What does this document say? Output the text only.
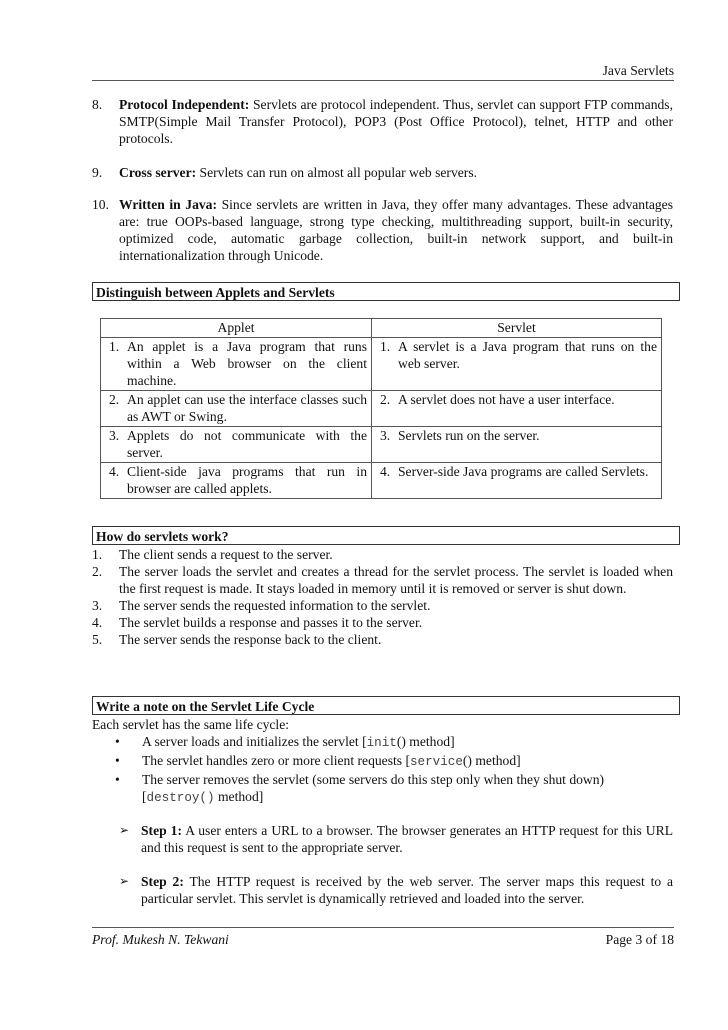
Java Servlets
8. Protocol Independent: Servlets are protocol independent. Thus, servlet can support FTP commands, SMTP(Simple Mail Transfer Protocol), POP3 (Post Office Protocol), telnet, HTTP and other protocols.
9. Cross server: Servlets can run on almost all popular web servers.
10. Written in Java: Since servlets are written in Java, they offer many advantages. These advantages are: true OOPs-based language, strong type checking, multithreading support, built-in security, optimized code, automatic garbage collection, built-in network support, and built-in internationalization through Unicode.
Distinguish between Applets and Servlets
Applet	Servlet

1. An applet is a Java program that runs within a Web browser on the client machine.	1. A servlet is a Java program that runs on the web server.

2. An applet can use the interface classes such as AWT or Swing.	2. A servlet does not have a user interface.

3. Applets do not communicate with the server.	3. Servlets run on the server.

4. Client-side java programs that run in browser are called applets.	4. Server-side Java programs are called Servlets.
How do servlets work?
1. The client sends a request to the server.
2. The server loads the servlet and creates a thread for the servlet process. The servlet is loaded when the first request is made. It stays loaded in memory until it is removed or server is shut down.
3. The server sends the requested information to the servlet.
4. The servlet builds a response and passes it to the server.
5. The server sends the response back to the client.
Write a note on the Servlet Life Cycle
Each servlet has the same life cycle:
• A server loads and initializes the servlet [init() method]
• The servlet handles zero or more client requests [service() method]
• The server removes the servlet (some servers do this step only when they shut down) [destroy() method]
➢ Step 1: A user enters a URL to a browser. The browser generates an HTTP request for this URL and this request is sent to the appropriate server.
➢ Step 2: The HTTP request is received by the web server. The server maps this request to a particular servlet. This servlet is dynamically retrieved and loaded into the server.
Prof. Mukesh N. Tekwani	Page 3 of 18
